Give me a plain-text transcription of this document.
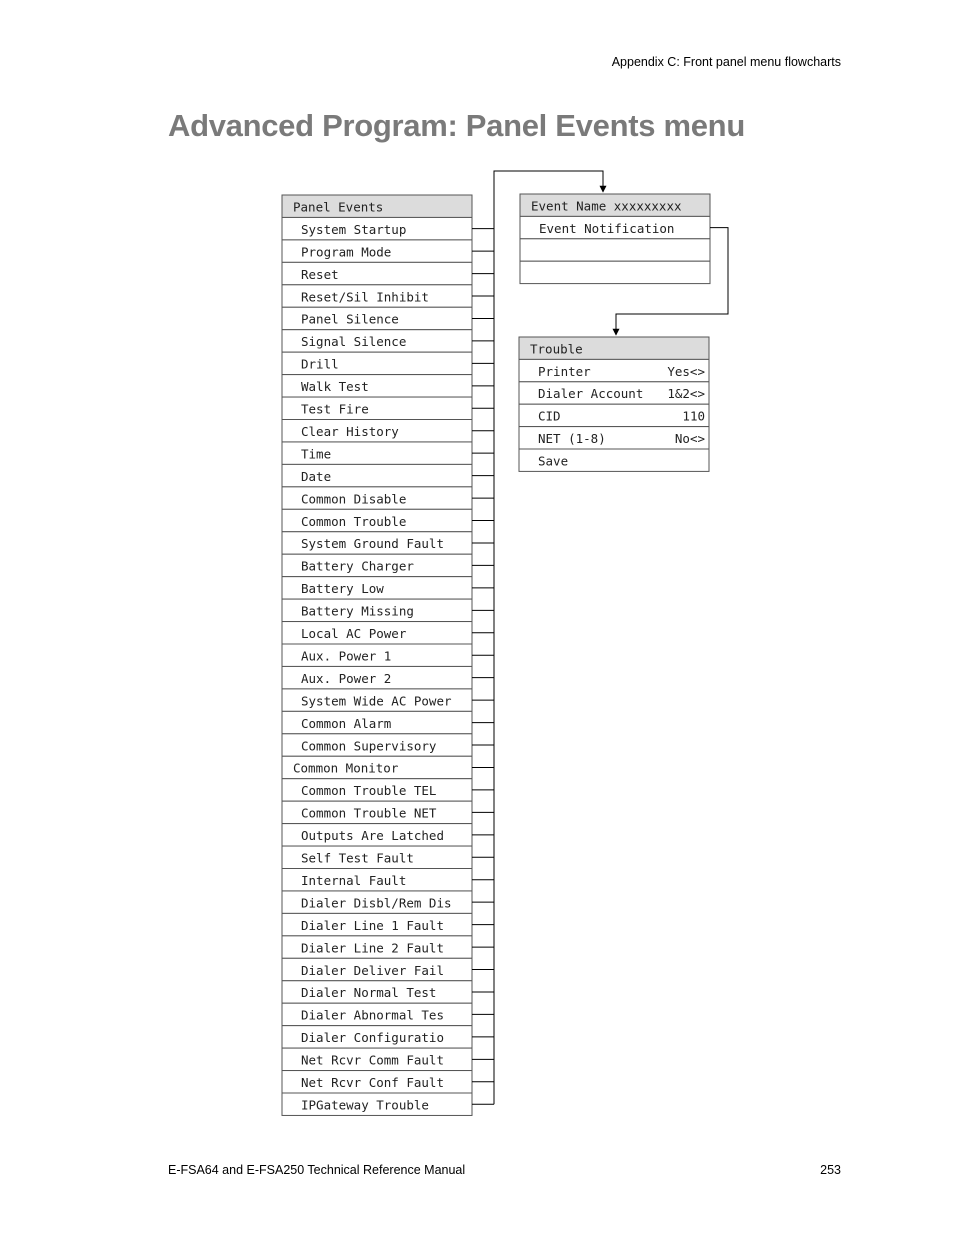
Appendix C: Front panel menu flowcharts
Advanced Program: Panel Events menu
Panel Events
System Startup
Program Mode
Reset
Reset/Sil Inhibit
Panel Silence
Signal Silence
Drill
Walk Test
Test Fire
Clear History
Time
Date
Common Disable
Common Trouble
System Ground Fault
Battery Charger
Battery Low
Battery Missing
Local AC Power
Aux. Power 1
Aux. Power 2
System Wide AC Power
Common Alarm
Common Supervisory
Common Monitor
Common Trouble TEL
Common Trouble NET
Outputs Are Latched
Self Test Fault
Internal Fault
Dialer Disbl/Rem Dis
Dialer Line 1 Fault
Dialer Line 2 Fault
Dialer Deliver Fail
Dialer Normal Test
Dialer Abnormal Tes
Dialer Configuratio
Net Rcvr Comm Fault
Net Rcvr Conf Fault
IPGateway Trouble
Event Name xxxxxxxxx
Event Notification
Trouble
Printer	Yes<>
Dialer Account 1&2<>
CID	110
NET (1-8)	No<>
Save
E-FSA64 and E-FSA250 Technical Reference Manual	253
